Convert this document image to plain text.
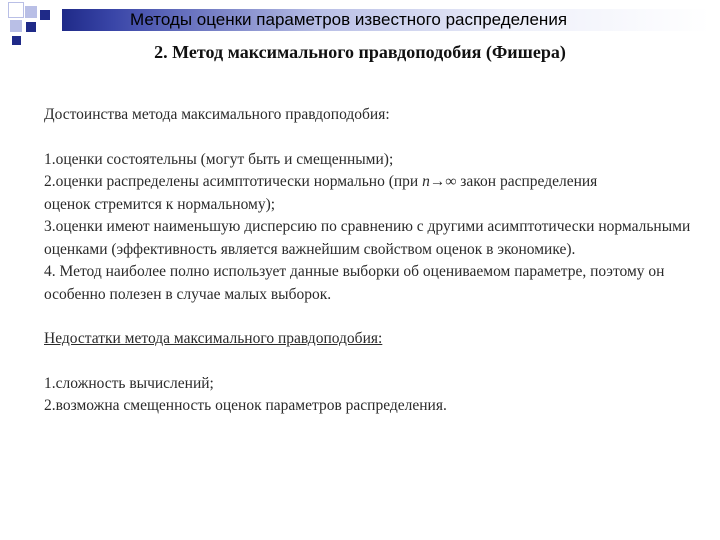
Методы оценки параметров известного распределения
2. Метод максимального правдоподобия (Фишера)

Достоинства метода максимального правдоподобия:

1.оценки состоятельны (могут быть и смещенными);

2.оценки распределены асимптотически нормально (при n→∞ закон распределения

оценок стремится к нормальному);

3.оценки имеют наименьшую дисперсию по сравнению с другими асимптотически нормальными оценками (эффективность является важнейшим свойством оценок в экономике).

4. Метод наиболее полно использует данные выборки об оцениваемом параметре, поэтому он особенно полезен в случае малых выборок.

Недостатки метода максимального правдоподобия:

1.сложность вычислений;

2.возможна смещенность оценок параметров распределения.
